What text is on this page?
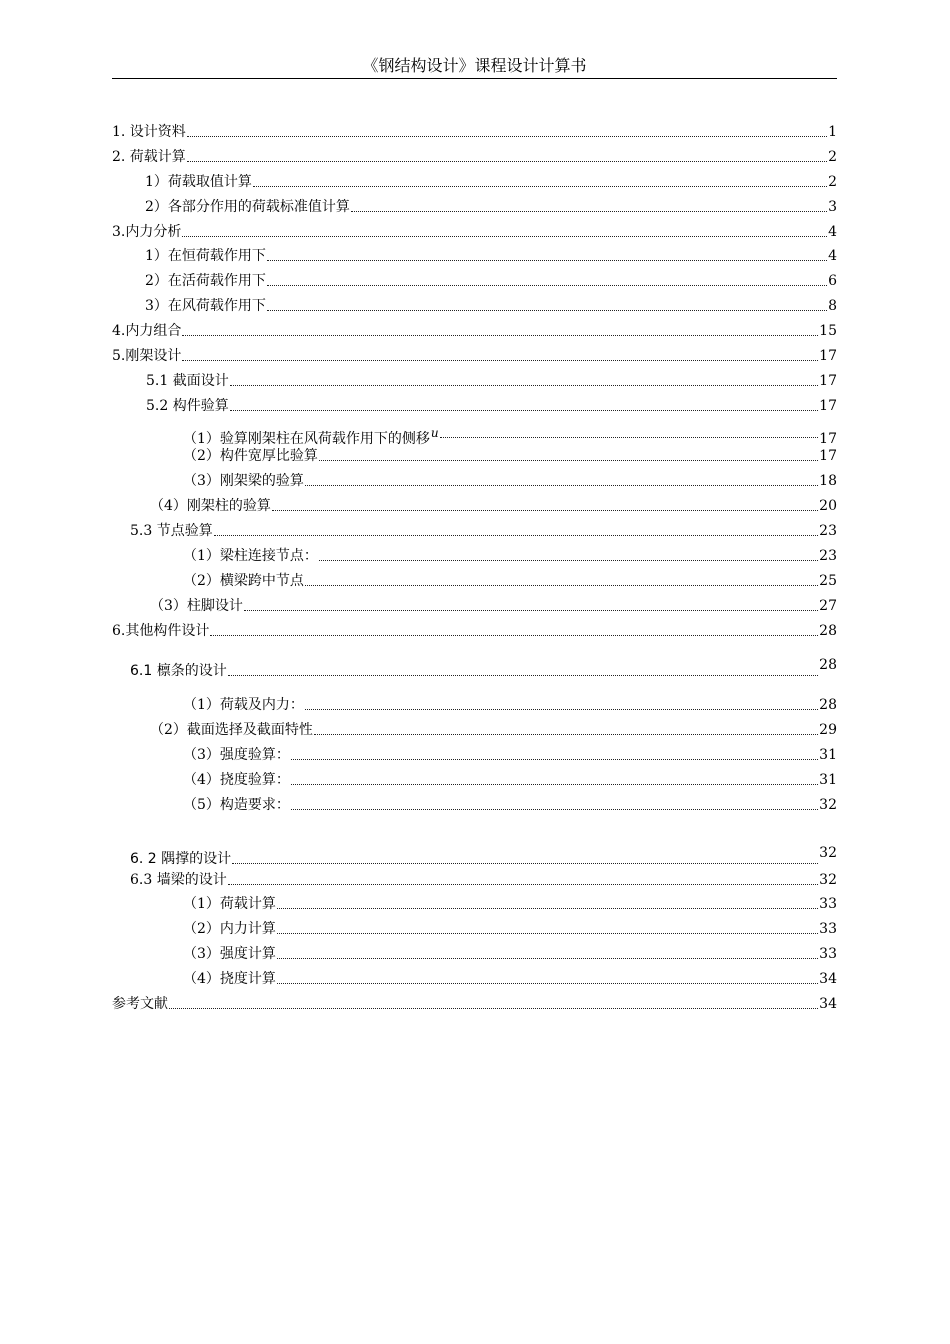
《钢结构设计》课程设计计算书
1. 设计资料	1
2. 荷载计算	2
1）荷载取值计算	2
2）各部分作用的荷载标准值计算	3
3.内力分析	4
1）在恒荷载作用下	4
2）在活荷载作用下	6
3）在风荷载作用下	8
4.内力组合	15
5.刚架设计	17
5.1 截面设计	17
5.2 构件验算	17
（1）验算刚架柱在风荷载作用下的侧移u	17
（2）构件宽厚比验算	17
（3）刚架梁的验算	18
（4）刚架柱的验算	20
5.3 节点验算	23
（1）梁柱连接节点：	23
（2）横梁跨中节点	25
（3）柱脚设计	27
6.其他构件设计	28
6.1 檩条的设计	28
（1）荷载及内力：	28
（2）截面选择及截面特性	29
（3）强度验算：	31
（4）挠度验算：	31
（5）构造要求：	32
6. 2 隅撑的设计	32
6.3 墙梁的设计	32
（1）荷载计算	33
（2）内力计算	33
（3）强度计算	33
（4）挠度计算	34
参考文献	34
